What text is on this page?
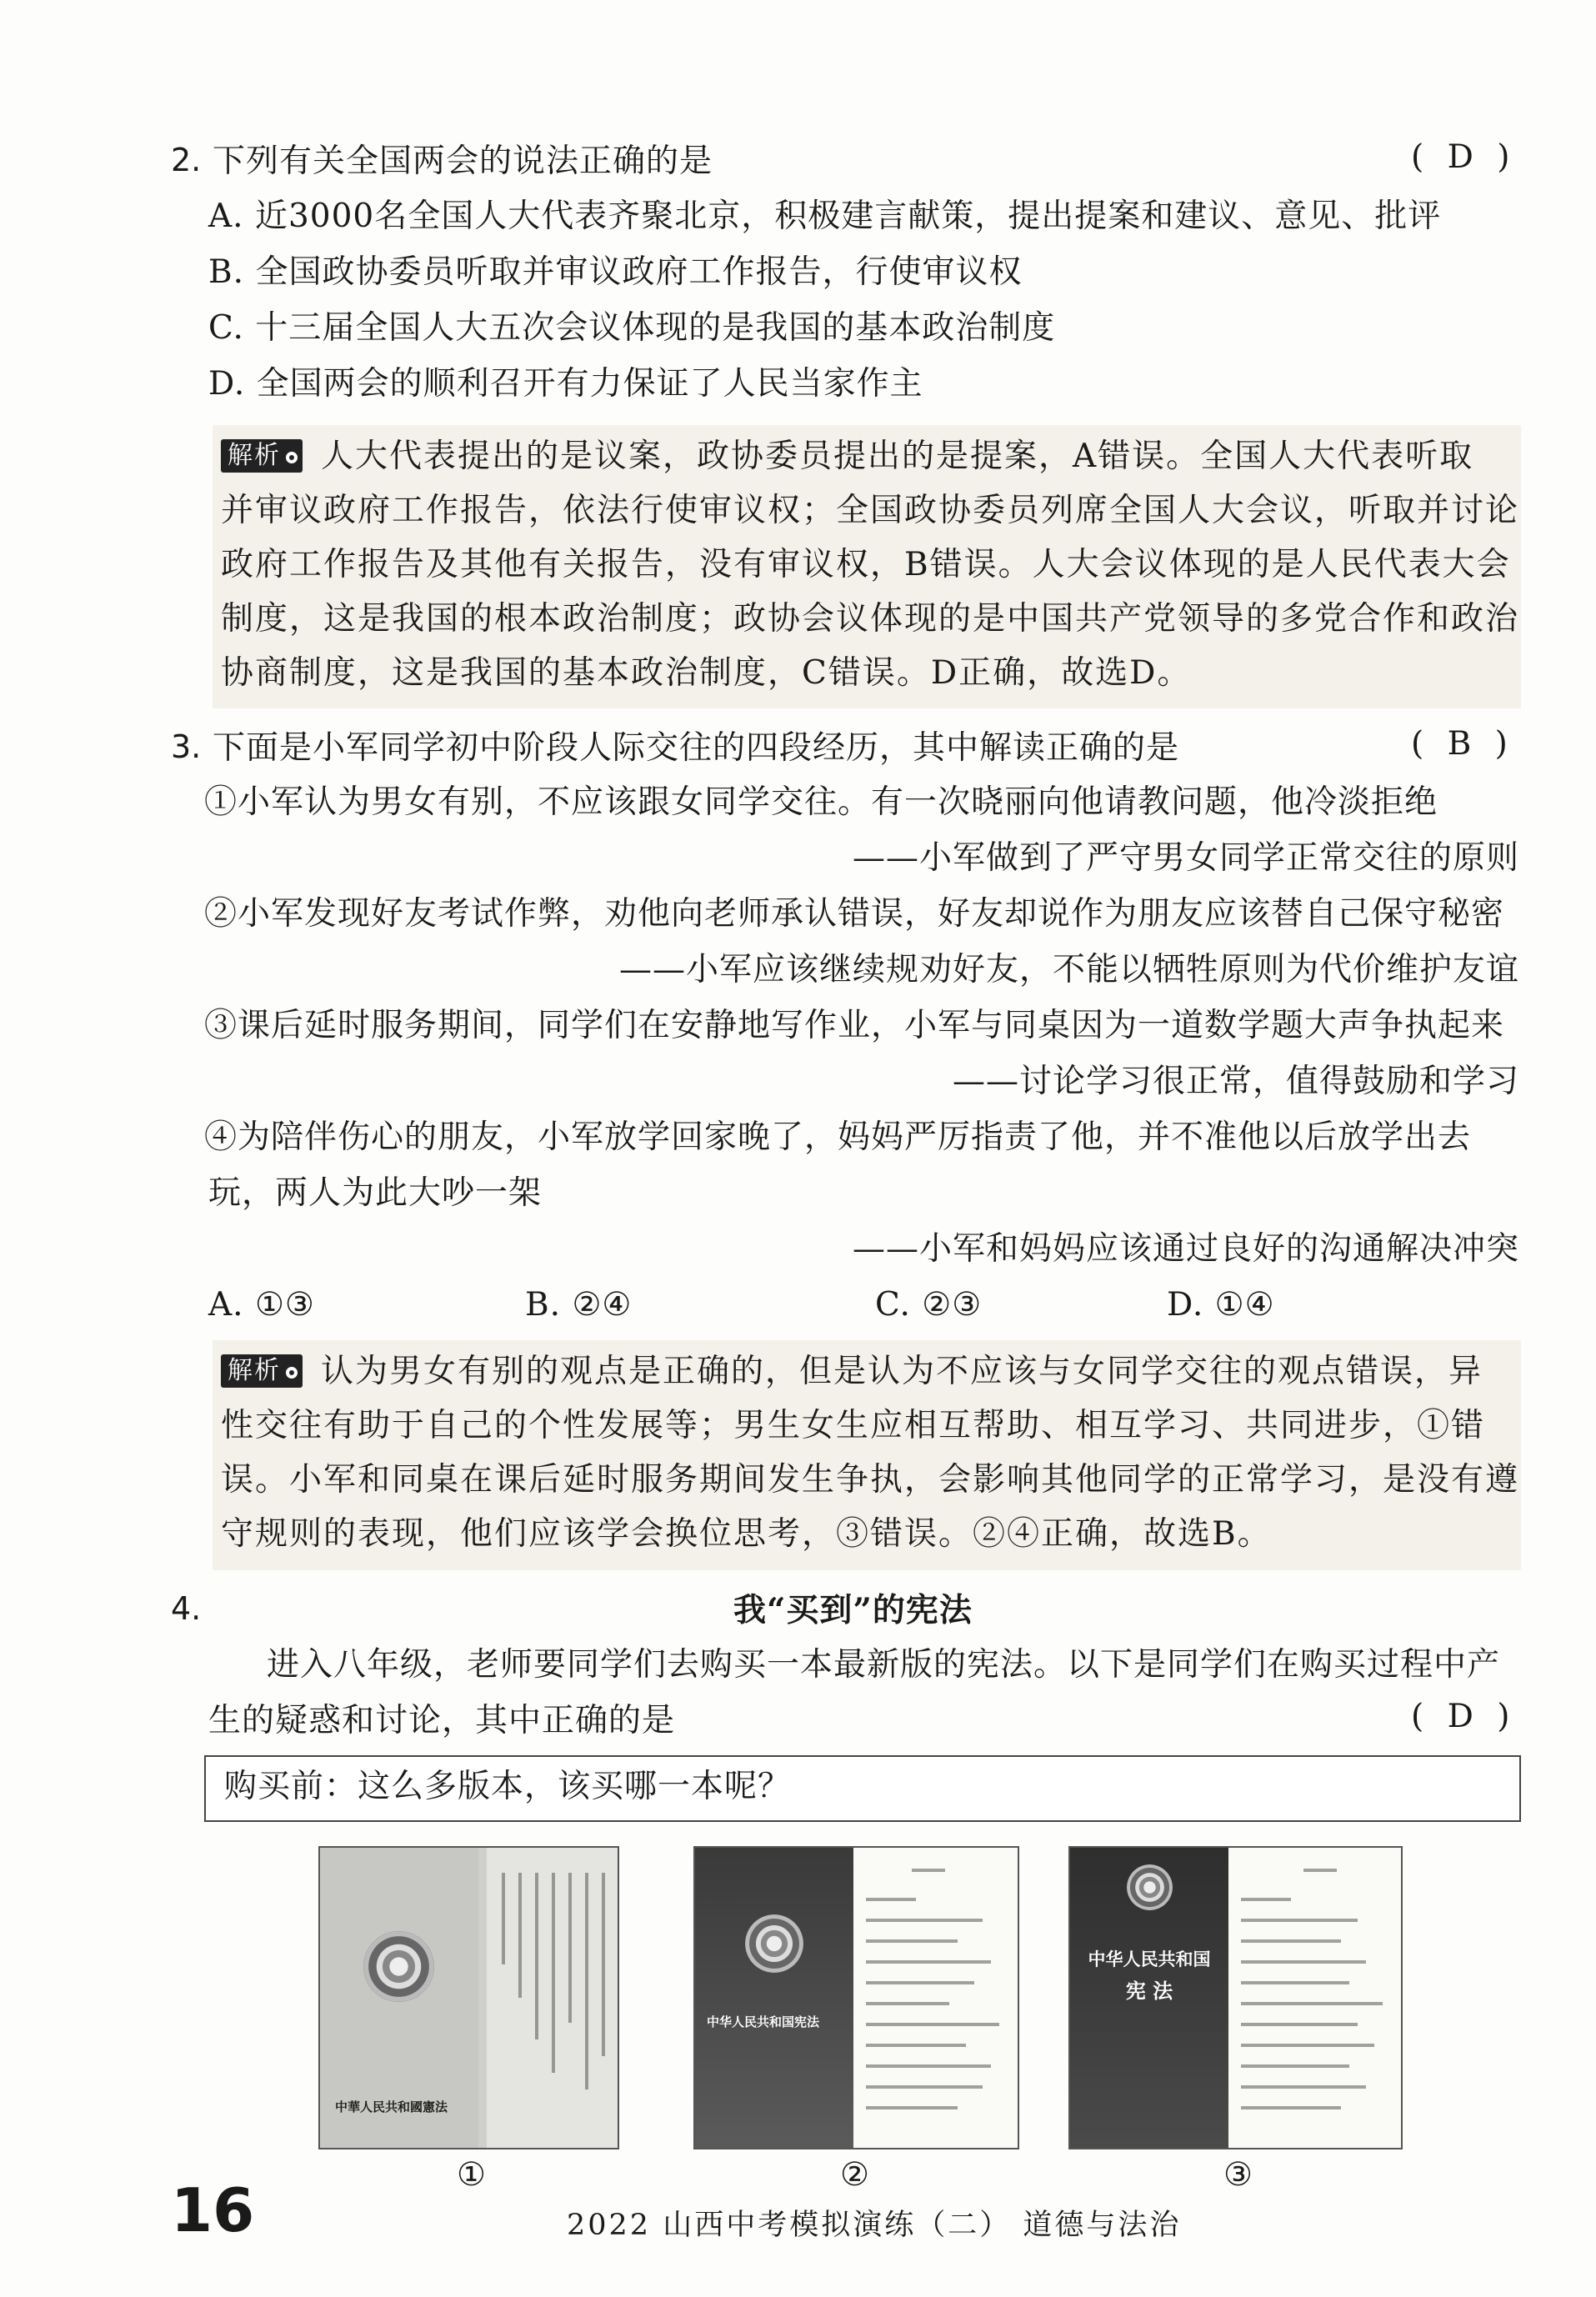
2. 下列有关全国两会的说法正确的是	( D )
A. 近3000名全国人大代表齐聚北京，积极建言献策，提出提案和建议、意见、批评
B. 全国政协委员听取并审议政府工作报告，行使审议权
C. 十三届全国人大五次会议体现的是我国的基本政治制度
D. 全国两会的顺利召开有力保证了人民当家作主
解析 人大代表提出的是议案，政协委员提出的是提案，A错误。全国人大代表听取
并审议政府工作报告，依法行使审议权；全国政协委员列席全国人大会议，听取并讨论
政府工作报告及其他有关报告，没有审议权，B错误。人大会议体现的是人民代表大会
制度，这是我国的根本政治制度；政协会议体现的是中国共产党领导的多党合作和政治
协商制度，这是我国的基本政治制度，C错误。D正确，故选D。
3. 下面是小军同学初中阶段人际交往的四段经历，其中解读正确的是	( B )
①小军认为男女有别，不应该跟女同学交往。有一次晓丽向他请教问题，他冷淡拒绝
——小军做到了严守男女同学正常交往的原则
②小军发现好友考试作弊，劝他向老师承认错误，好友却说作为朋友应该替自己保守秘密
——小军应该继续规劝好友，不能以牺牲原则为代价维护友谊
③课后延时服务期间，同学们在安静地写作业，小军与同桌因为一道数学题大声争执起来
——讨论学习很正常，值得鼓励和学习
④为陪伴伤心的朋友，小军放学回家晚了，妈妈严厉指责了他，并不准他以后放学出去
玩，两人为此大吵一架
——小军和妈妈应该通过良好的沟通解决冲突
A. ①③	B. ②④	C. ②③	D. ①④
解析 认为男女有别的观点是正确的，但是认为不应该与女同学交往的观点错误，异
性交往有助于自己的个性发展等；男生女生应相互帮助、相互学习、共同进步，①错
误。小军和同桌在课后延时服务期间发生争执，会影响其他同学的正常学习，是没有遵
守规则的表现，他们应该学会换位思考，③错误。②④正确，故选B。
4.	我“买到”的宪法
进入八年级，老师要同学们去购买一本最新版的宪法。以下是同学们在购买过程中产
生的疑惑和讨论，其中正确的是	( D )
购买前：这么多版本，该买哪一本呢？
中華人民共和國憲法
①
中华人民共和国宪法
②
中华人民共和国
宪 法
③
16	2022 山西中考模拟演练（二） 道德与法治
